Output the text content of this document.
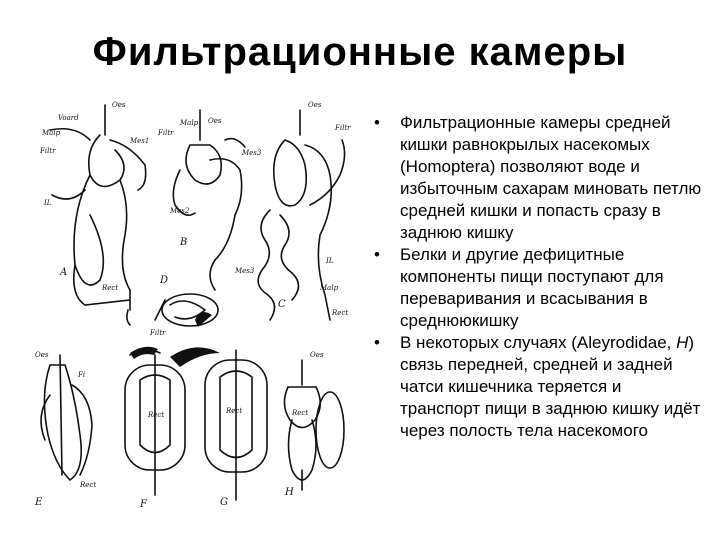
Фильтрационные камеры
A
B
C
D
E	F	G
H
Oes
Voard
Malp
Filtr
Mes1
IL
Rect
Oes
Filtr
Malp
Mes3
Mes2
Oes
Filtr
Mes3
IL
Malp
Rect
Filtr
Oes
Fi
Rect
Rect	Rect
Oes
Rect
• Фильтрационные камеры средней кишки равнокрылых насекомых (Homoptera) позволяют воде и избыточным сахарам миновать петлю средней кишки и попасть сразу в заднюю кишку
• Белки и другие дефицитные компоненты пищи поступают для переваривания и всасывания в среднююкишку
• В некоторых случаях (Aleyrodidae, H) связь передней, средней и задней чатси кишечника теряется и транспорт пищи в заднюю кишку идёт через полость тела насекомого
